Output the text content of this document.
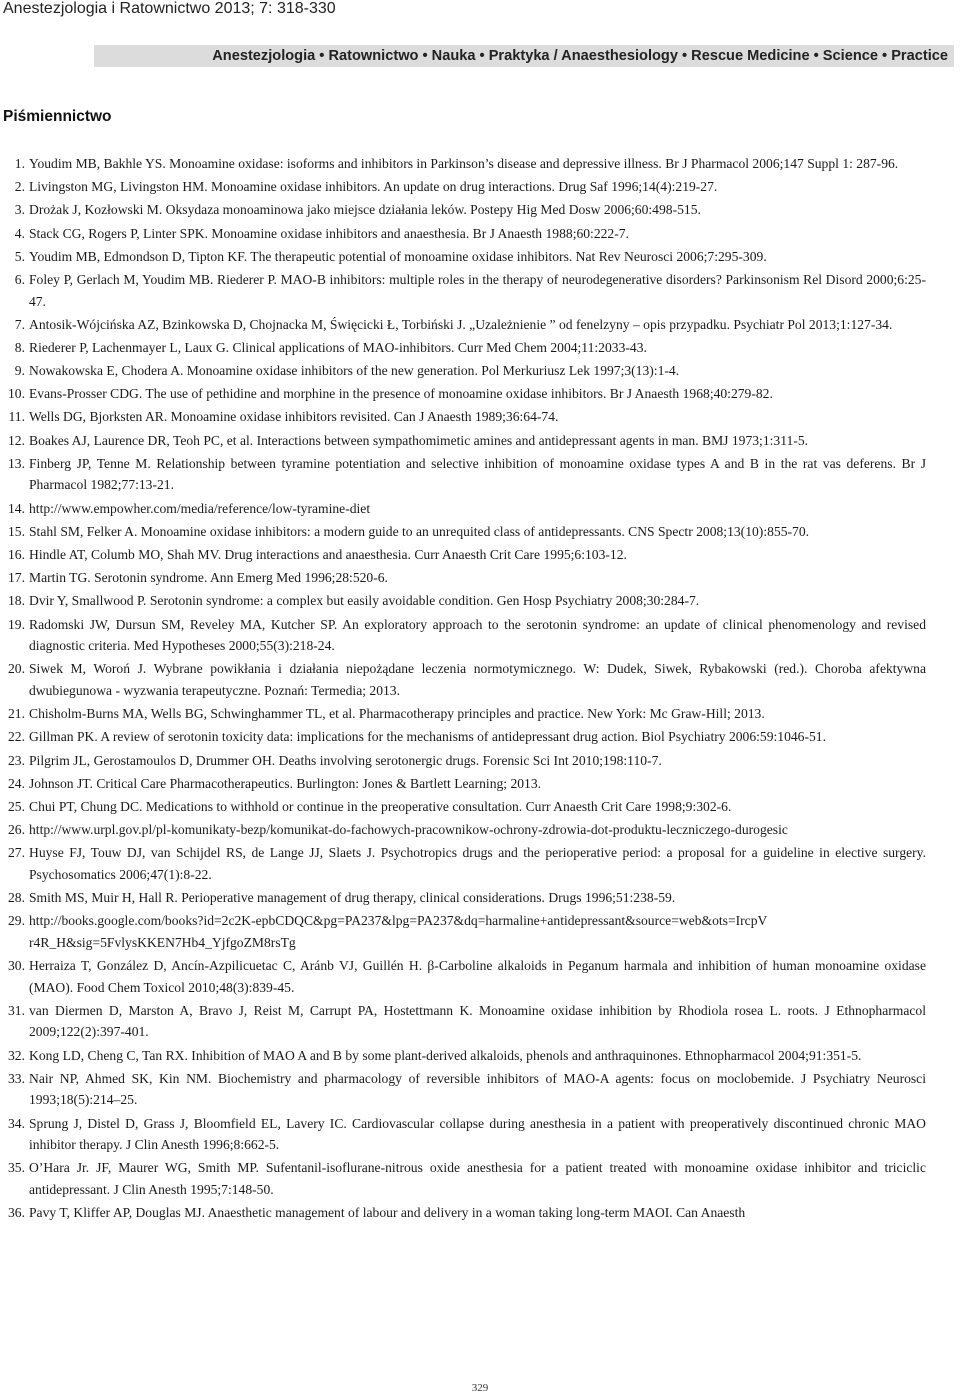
Anestezjologia i Ratownictwo 2013; 7: 318-330
Anestezjologia • Ratownictwo • Nauka • Praktyka / Anaesthesiology • Rescue Medicine • Science • Practice
Piśmiennictwo
1. Youdim MB, Bakhle YS. Monoamine oxidase: isoforms and inhibitors in Parkinson’s disease and depressive illness. Br J Pharmacol 2006;147 Suppl 1: 287-96.
2. Livingston MG, Livingston HM. Monoamine oxidase inhibitors. An update on drug interactions. Drug Saf 1996;14(4):219-27.
3. Drożak J, Kozłowski M. Oksydaza monoaminowa jako miejsce działania leków. Postepy Hig Med Dosw 2006;60:498-515.
4. Stack CG, Rogers P, Linter SPK. Monoamine oxidase inhibitors and anaesthesia. Br J Anaesth 1988;60:222-7.
5. Youdim MB, Edmondson D, Tipton KF. The therapeutic potential of monoamine oxidase inhibitors. Nat Rev Neurosci 2006;7:295-309.
6. Foley P, Gerlach M, Youdim MB. Riederer P. MAO-B inhibitors: multiple roles in the therapy of neurodegenerative disorders? Parkinsonism Rel Disord 2000;6:25-47.
7. Antosik-Wójcińska AZ, Bzinkowska D, Chojnacka M, Święcicki Ł, Torbiński J. „Uzależnienie ” od fenelzyny – opis przypadku. Psychiatr Pol 2013;1:127-34.
8. Riederer P, Lachenmayer L, Laux G. Clinical applications of MAO-inhibitors. Curr Med Chem 2004;11:2033-43.
9. Nowakowska E, Chodera A. Monoamine oxidase inhibitors of the new generation. Pol Merkuriusz Lek 1997;3(13):1-4.
10. Evans-Prosser CDG. The use of pethidine and morphine in the presence of monoamine oxidase inhibitors. Br J Anaesth 1968;40:279-82.
11. Wells DG, Bjorksten AR. Monoamine oxidase inhibitors revisited. Can J Anaesth 1989;36:64-74.
12. Boakes AJ, Laurence DR, Teoh PC, et al. Interactions between sympathomimetic amines and antidepressant agents in man. BMJ 1973;1:311-5.
13. Finberg JP, Tenne M. Relationship between tyramine potentiation and selective inhibition of monoamine oxidase types A and B in the rat vas deferens. Br J Pharmacol 1982;77:13-21.
14. http://www.empowher.com/media/reference/low-tyramine-diet
15. Stahl SM, Felker A. Monoamine oxidase inhibitors: a modern guide to an unrequited class of antidepressants. CNS Spectr 2008;13(10):855-70.
16. Hindle AT, Columb MO, Shah MV. Drug interactions and anaesthesia. Curr Anaesth Crit Care 1995;6:103-12.
17. Martin TG. Serotonin syndrome. Ann Emerg Med 1996;28:520-6.
18. Dvir Y, Smallwood P. Serotonin syndrome: a complex but easily avoidable condition. Gen Hosp Psychiatry 2008;30:284-7.
19. Radomski JW, Dursun SM, Reveley MA, Kutcher SP. An exploratory approach to the serotonin syndrome: an update of clinical phenomenology and revised diagnostic criteria. Med Hypotheses 2000;55(3):218-24.
20. Siwek M, Woroń J. Wybrane powikłania i działania niepożądane leczenia normotymicznego. W: Dudek, Siwek, Rybakowski (red.). Choroba afektywna dwubiegunowa - wyzwania terapeutyczne. Poznań: Termedia; 2013.
21. Chisholm-Burns MA, Wells BG, Schwinghammer TL, et al. Pharmacotherapy principles and practice. New York: Mc Graw-Hill; 2013.
22. Gillman PK. A review of serotonin toxicity data: implications for the mechanisms of antidepressant drug action. Biol Psychiatry 2006:59:1046-51.
23. Pilgrim JL, Gerostamoulos D, Drummer OH. Deaths involving serotonergic drugs. Forensic Sci Int 2010;198:110-7.
24. Johnson JT. Critical Care Pharmacotherapeutics. Burlington: Jones & Bartlett Learning; 2013.
25. Chui PT, Chung DC. Medications to withhold or continue in the preoperative consultation. Curr Anaesth Crit Care 1998;9:302-6.
26. http://www.urpl.gov.pl/pl-komunikaty-bezp/komunikat-do-fachowych-pracownikow-ochrony-zdrowia-dot-produktu-leczniczego-durogesic
27. Huyse FJ, Touw DJ, van Schijdel RS, de Lange JJ, Slaets J. Psychotropics drugs and the perioperative period: a proposal for a guideline in elective surgery. Psychosomatics 2006;47(1):8-22.
28. Smith MS, Muir H, Hall R. Perioperative management of drug therapy, clinical considerations. Drugs 1996;51:238-59.
29. http://books.google.com/books?id=2c2K-epbCDQC&pg=PA237&lpg=PA237&dq=harmaline+antidepressant&source=web&ots=IrcpV r4R_H&sig=5FvlysKKEN7Hb4_YjfgoZM8rsTg
30. Herraiza T, González D, Ancín-Azpilicuetac C, Aránb VJ, Guillén H. β-Carboline alkaloids in Peganum harmala and inhibition of human monoamine oxidase (MAO). Food Chem Toxicol 2010;48(3):839-45.
31. van Diermen D, Marston A, Bravo J, Reist M, Carrupt PA, Hostettmann K. Monoamine oxidase inhibition by Rhodiola rosea L. roots. J Ethnopharmacol 2009;122(2):397-401.
32. Kong LD, Cheng C, Tan RX. Inhibition of MAO A and B by some plant-derived alkaloids, phenols and anthraquinones. Ethnopharmacol 2004;91:351-5.
33. Nair NP, Ahmed SK, Kin NM. Biochemistry and pharmacology of reversible inhibitors of MAO-A agents: focus on moclobemide. J Psychiatry Neurosci 1993;18(5):214–25.
34. Sprung J, Distel D, Grass J, Bloomfield EL, Lavery IC. Cardiovascular collapse during anesthesia in a patient with preoperatively discontinued chronic MAO inhibitor therapy. J Clin Anesth 1996;8:662-5.
35. O’Hara Jr. JF, Maurer WG, Smith MP. Sufentanil-isoflurane-nitrous oxide anesthesia for a patient treated with monoamine oxidase inhibitor and triciclic antidepressant. J Clin Anesth 1995;7:148-50.
36. Pavy T, Kliffer AP, Douglas MJ. Anaesthetic management of labour and delivery in a woman taking long-term MAOI. Can Anaesth
329
